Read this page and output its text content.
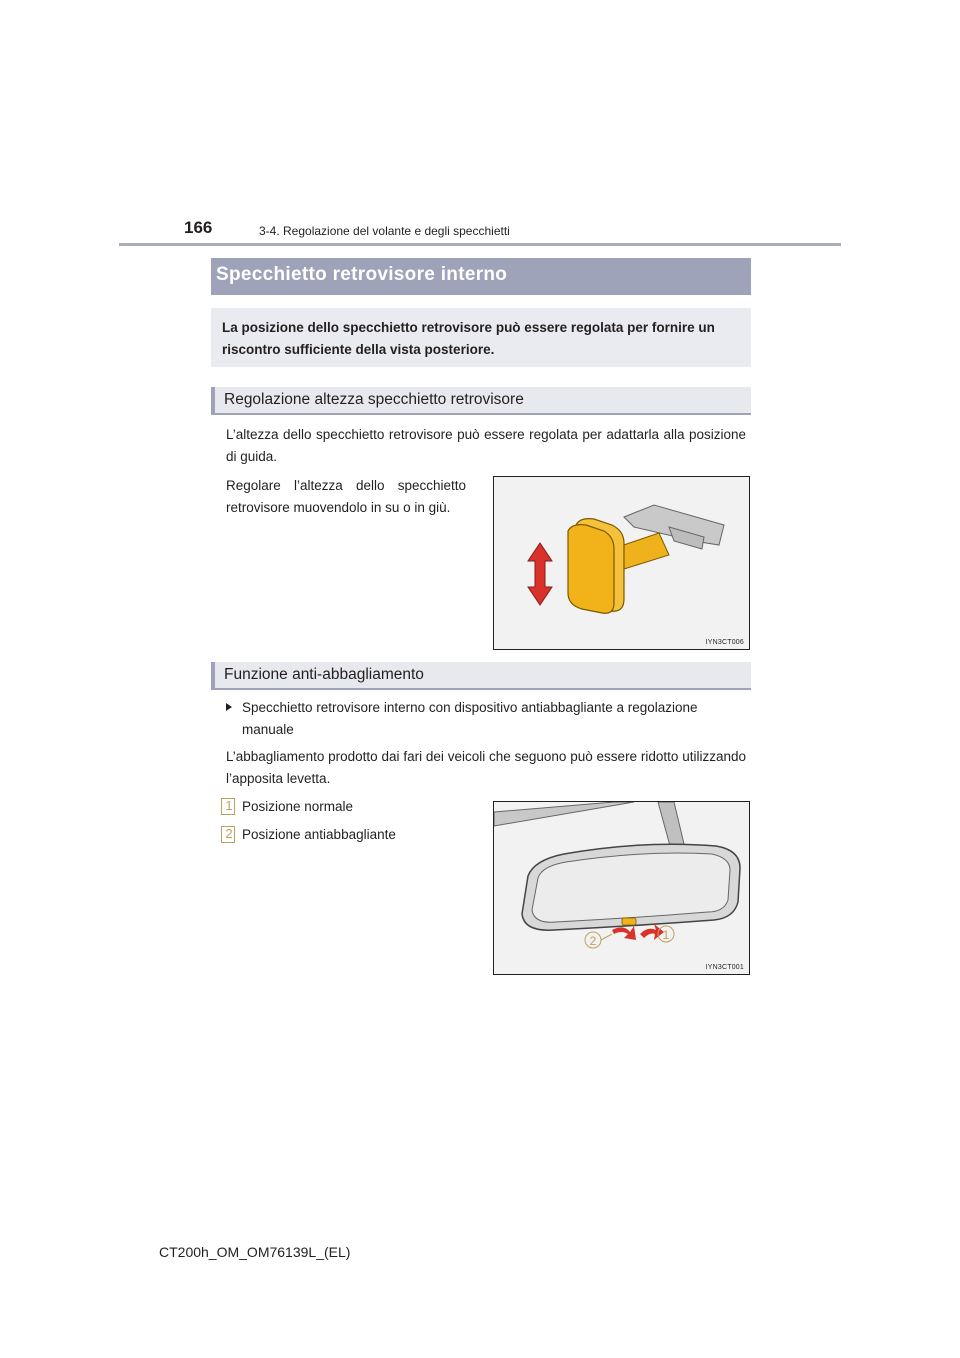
166	3-4. Regolazione del volante e degli specchietti
Specchietto retrovisore interno
La posizione dello specchietto retrovisore può essere regolata per fornire un riscontro sufficiente della vista posteriore.
Regolazione altezza specchietto retrovisore
L’altezza dello specchietto retrovisore può essere regolata per adattarla alla posizione di guida.
Regolare l’altezza dello specchietto retrovisore muovendolo in su o in giù.
IYN3CT006
Funzione anti-abbagliamento
Specchietto retrovisore interno con dispositivo antiabbagliante a regolazione manuale
L’abbagliamento prodotto dai fari dei veicoli che seguono può essere ridotto utilizzando l’apposita levetta.
1 Posizione normale
2 Posizione antiabbagliante
2	1
IYN3CT001
CT200h_OM_OM76139L_(EL)
